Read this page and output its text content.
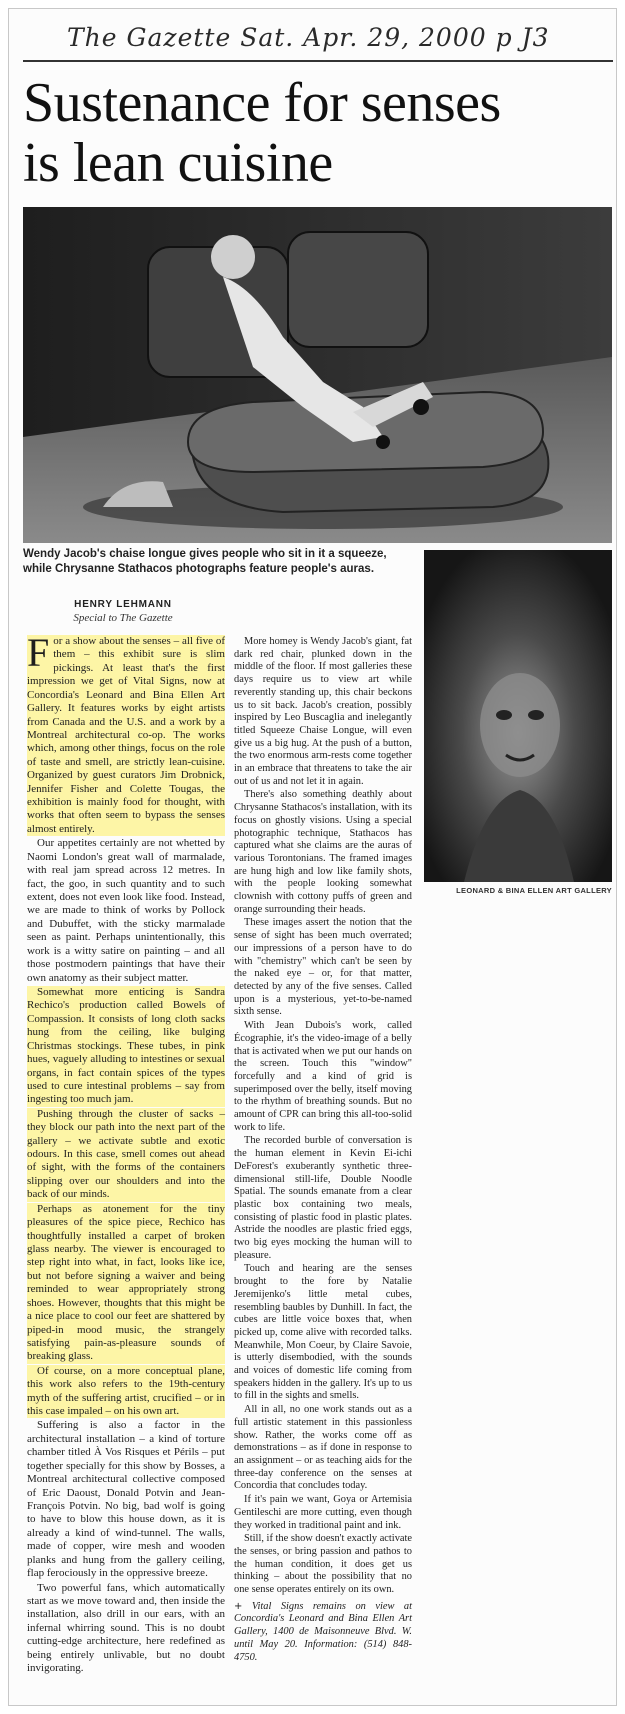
The Gazette Sat. Apr. 29, 2000 p J3
Sustenance for senses
is lean cuisine
Wendy Jacob's chaise longue gives people who sit in it a squeeze,
while Chrysanne Stathacos photographs feature people's auras.
LEONARD & BINA ELLEN ART GALLERY
HENRY LEHMANN
Special to The Gazette

For a show about the senses – all five of them – this exhibit sure is slim pickings. At least that's the first impression we get of Vital Signs, now at Concordia's Leonard and Bina Ellen Art Gallery. It features works by eight artists from Canada and the U.S. and a work by a Montreal architectural co-op. The works which, among other things, focus on the role of taste and smell, are strictly lean-cuisine. Organized by guest curators Jim Drobnick, Jennifer Fisher and Colette Tougas, the exhibition is mainly food for thought, with works that often seem to bypass the senses almost entirely.

Our appetites certainly are not whetted by Naomi London's great wall of marmalade, with real jam spread across 12 metres. In fact, the goo, in such quantity and to such extent, does not even look like food. Instead, we are made to think of works by Pollock and Dubuffet, with the sticky marmalade seen as paint. Perhaps unintentionally, this work is a witty satire on painting – and all those postmodern paintings that have their own anatomy as their subject matter.

Somewhat more enticing is Sandra Rechico's production called Bowels of Compassion. It consists of long cloth sacks hung from the ceiling, like bulging Christmas stockings. These tubes, in pink hues, vaguely alluding to intestines or sexual organs, in fact contain spices of the types used to cure intestinal problems – say from ingesting too much jam.

Pushing through the cluster of sacks – they block our path into the next part of the gallery – we activate subtle and exotic odours. In this case, smell comes out ahead of sight, with the forms of the containers slipping over our shoulders and into the back of our minds.

Perhaps as atonement for the tiny pleasures of the spice piece, Rechico has thoughtfully installed a carpet of broken glass nearby. The viewer is encouraged to step right into what, in fact, looks like ice, but not before signing a waiver and being reminded to wear appropriately strong shoes. However, thoughts that this might be a nice place to cool our feet are shattered by piped-in mood music, the strangely satisfying pain-as-pleasure sounds of breaking glass.

Of course, on a more conceptual plane, this work also refers to the 19th-century myth of the suffering artist, crucified – or in this case impaled – on his own art.

Suffering is also a factor in the architectural installation – a kind of torture chamber titled À Vos Risques et Périls – put together specially for this show by Bosses, a Montreal architectural collective composed of Eric Daoust, Donald Potvin and Jean-François Potvin. No big, bad wolf is going to have to blow this house down, as it is already a kind of wind-tunnel. The walls, made of copper, wire mesh and wooden planks and hung from the gallery ceiling, flap ferociously in the oppressive breeze.

Two powerful fans, which automatically start as we move toward and, then inside the installation, also drill in our ears, with an infernal whirring sound. This is no doubt cutting-edge architecture, here redefined as being entirely unlivable, but no doubt invigorating.

More homey is Wendy Jacob's giant, fat dark red chair, plunked down in the middle of the floor. If most galleries these days require us to view art while reverently standing up, this chair beckons us to sit back. Jacob's creation, possibly inspired by Leo Buscaglia and inelegantly titled Squeeze Chaise Longue, will even give us a big hug. At the push of a button, the two enormous arm-rests come together in an embrace that threatens to take the air out of us and not let it in again.

There's also something deathly about Chrysanne Stathacos's installation, with its focus on ghostly visions. Using a special photographic technique, Stathacos has captured what she claims are the auras of various Torontonians. The framed images are hung high and low like family shots, with the people looking somewhat clownish with cottony puffs of green and orange surrounding their heads.

These images assert the notion that the sense of sight has been much overrated; our impressions of a person have to do with "chemistry" which can't be seen by the naked eye – or, for that matter, detected by any of the five senses. Called upon is a mysterious, yet-to-be-named sixth sense.

With Jean Dubois's work, called Écographie, it's the video-image of a belly that is activated when we put our hands on the screen. Touch this "window" forcefully and a kind of grid is superimposed over the belly, itself moving to the rhythm of breathing sounds. But no amount of CPR can bring this all-too-solid work to life.

The recorded burble of conversation is the human element in Kevin Ei-ichi DeForest's exuberantly synthetic three-dimensional still-life, Double Noodle Spatial. The sounds emanate from a clear plastic box containing two meals, consisting of plastic food in plastic plates. Astride the noodles are plastic fried eggs, two big eyes mocking the human will to pleasure.

Touch and hearing are the senses brought to the fore by Natalie Jeremijenko's little metal cubes, resembling baubles by Dunhill. In fact, the cubes are little voice boxes that, when picked up, come alive with recorded talks. Meanwhile, Mon Coeur, by Claire Savoie, is utterly disembodied, with the sounds and voices of domestic life coming from speakers hidden in the gallery. It's up to us to fill in the sights and smells.

All in all, no one work stands out as a full artistic statement in this passionless show. Rather, the works come off as demonstrations – as if done in response to an assignment – or as teaching aids for the three-day conference on the senses at Concordia that concludes today.

If it's pain we want, Goya or Artemisia Gentileschi are more cutting, even though they worked in traditional paint and ink.

Still, if the show doesn't exactly activate the senses, or bring passion and pathos to the human condition, it does get us thinking – about the possibility that no one sense operates entirely on its own.

+ Vital Signs remains on view at Concordia's Leonard and Bina Ellen Art Gallery, 1400 de Maisonneuve Blvd. W. until May 20. Information: (514) 848-4750.
